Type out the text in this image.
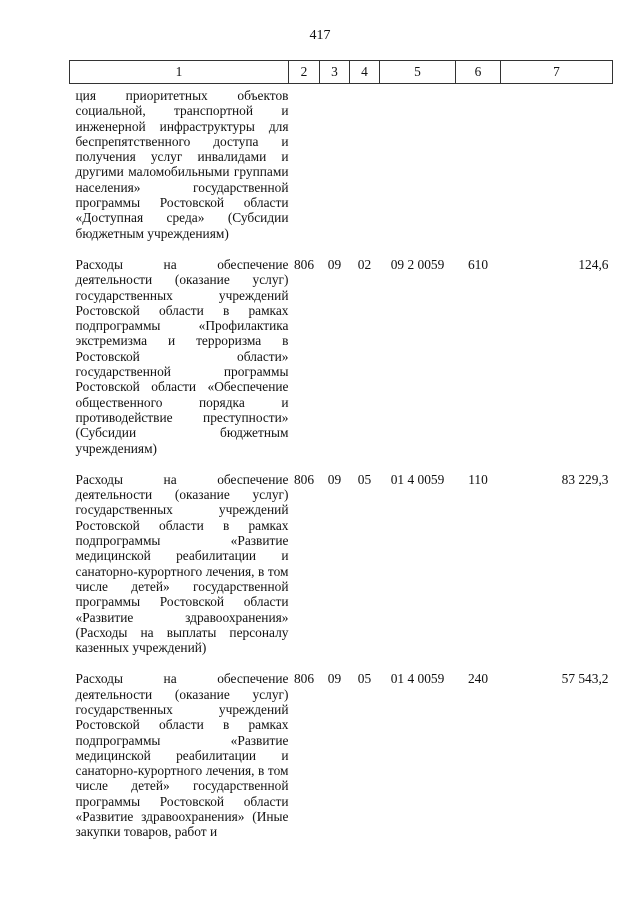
417
1	2	3	4	5	6	7
ция приоритетных объектов социальной, транспортной и инженерной инфраструктуры для беспрепятственного доступа и получения услуг инвалидами и другими маломобильными группами населения» государственной программы Ростовской области «Доступная среда» (Субсидии бюджетным учреждениям)						
Расходы на обеспечение деятельности (оказание услуг) государственных учреждений Ростовской области в рамках подпрограммы «Профилактика экстремизма и терроризма в Ростовской области» государственной программы Ростовской области «Обеспечение общественного порядка и противодействие преступности» (Субсидии бюджетным учреждениям)	806	09	02	09 2 0059	610	124,6
Расходы на обеспечение деятельности (оказание услуг) государственных учреждений Ростовской области в рамках подпрограммы «Развитие медицинской реабилитации и санаторно-курортного лечения, в том числе детей» государственной программы Ростовской области «Развитие здравоохранения» (Расходы на выплаты персоналу казенных учреждений)	806	09	05	01 4 0059	110	83 229,3
Расходы на обеспечение деятельности (оказание услуг) государственных учреждений Ростовской области в рамках подпрограммы «Развитие медицинской реабилитации и санаторно-курортного лечения, в том числе детей» государственной программы Ростовской области «Развитие здравоохранения» (Иные закупки товаров, работ и	806	09	05	01 4 0059	240	57 543,2
